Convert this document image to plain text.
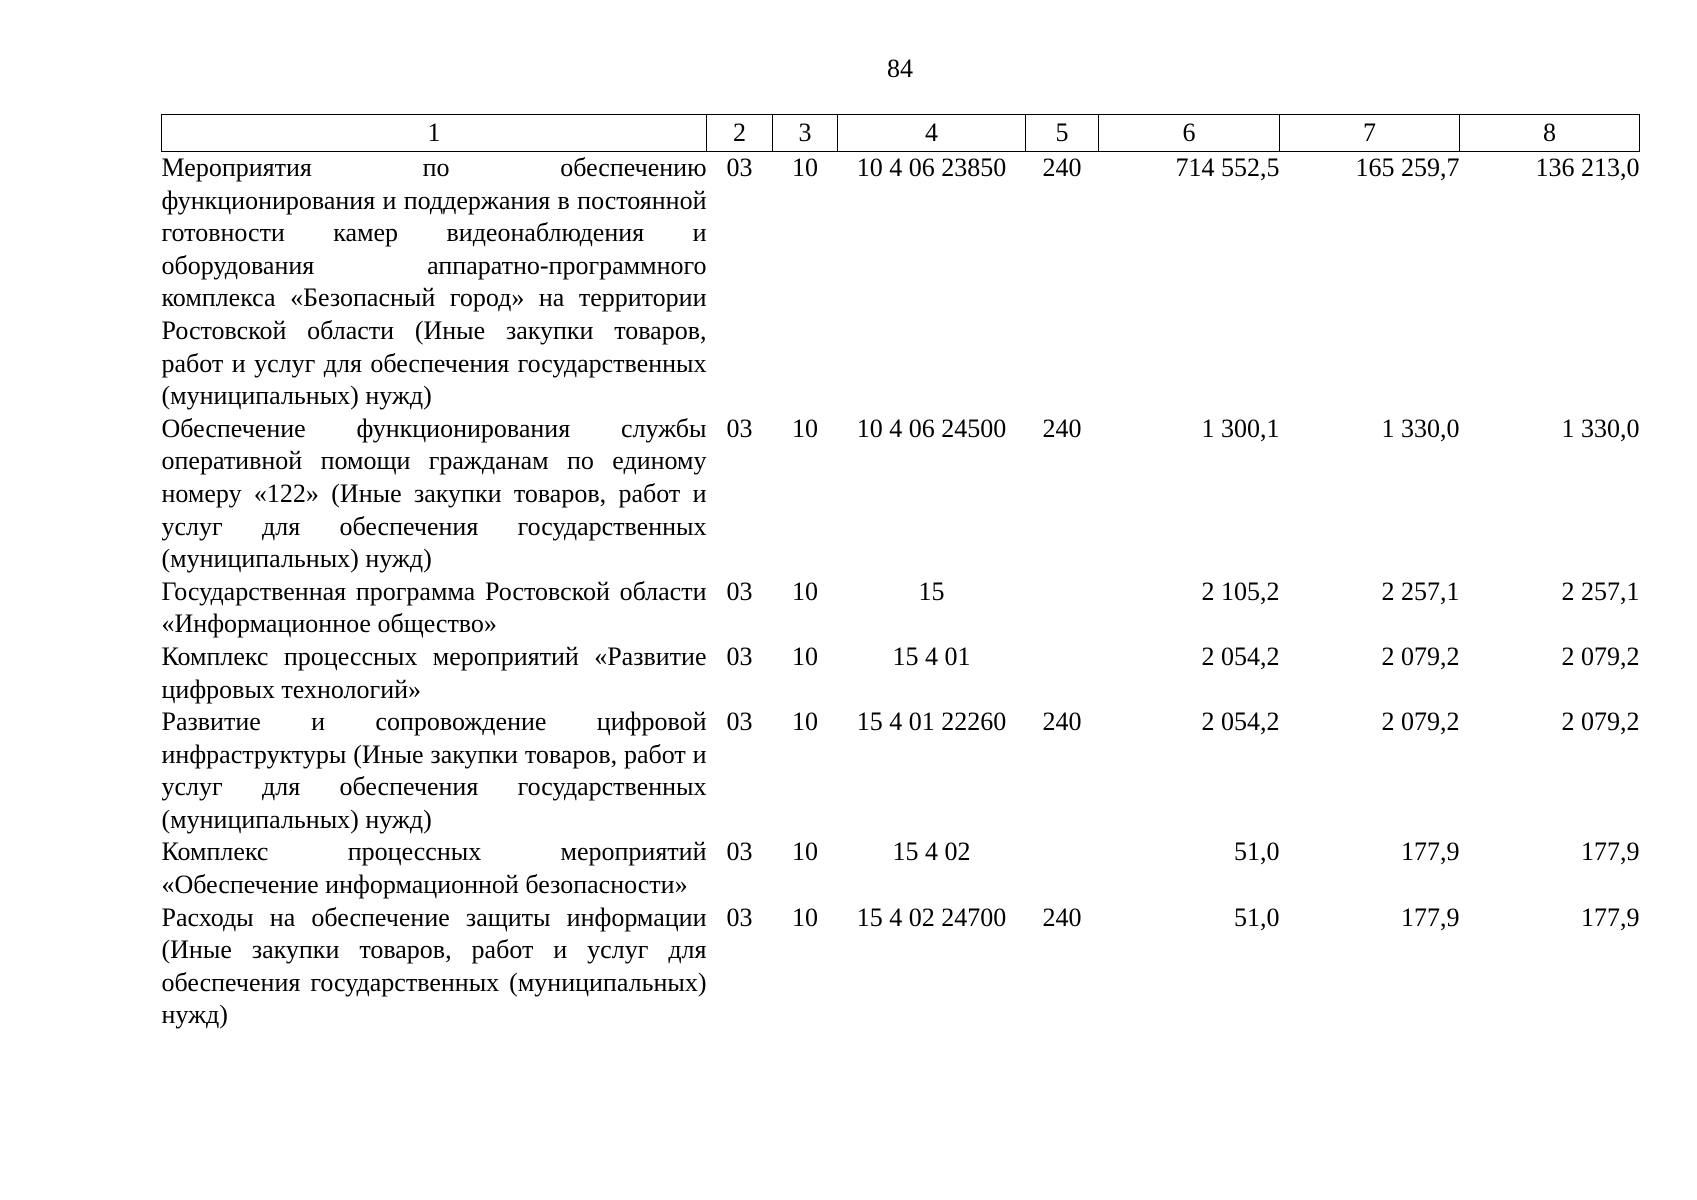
84
1	2	3	4	5	6	7	8
Мероприятия по обеспечению функционирования и поддержания в постоянной готовности камер видеонаблюдения и оборудования аппаратно-программного комплекса «Безопасный город» на территории Ростовской области (Иные закупки товаров, работ и услуг для обеспечения государственных (муниципальных) нужд)	03	10	10 4 06 23850	240	714 552,5	165 259,7	136 213,0
Обеспечение функционирования службы оперативной помощи гражданам по единому номеру «122» (Иные закупки товаров, работ и услуг для обеспечения государственных (муниципальных) нужд)	03	10	10 4 06 24500	240	1 300,1	1 330,0	1 330,0
Государственная программа Ростовской области «Информационное общество»	03	10	15		2 105,2	2 257,1	2 257,1
Комплекс процессных мероприятий «Развитие цифровых технологий»	03	10	15 4 01		2 054,2	2 079,2	2 079,2
Развитие и сопровождение цифровой инфраструктуры (Иные закупки товаров, работ и услуг для обеспечения государственных (муниципальных) нужд)	03	10	15 4 01 22260	240	2 054,2	2 079,2	2 079,2
Комплекс процессных мероприятий «Обеспечение информационной безопасности»	03	10	15 4 02		51,0	177,9	177,9
Расходы на обеспечение защиты информации (Иные закупки товаров, работ и услуг для обеспечения государственных (муниципальных) нужд)	03	10	15 4 02 24700	240	51,0	177,9	177,9
